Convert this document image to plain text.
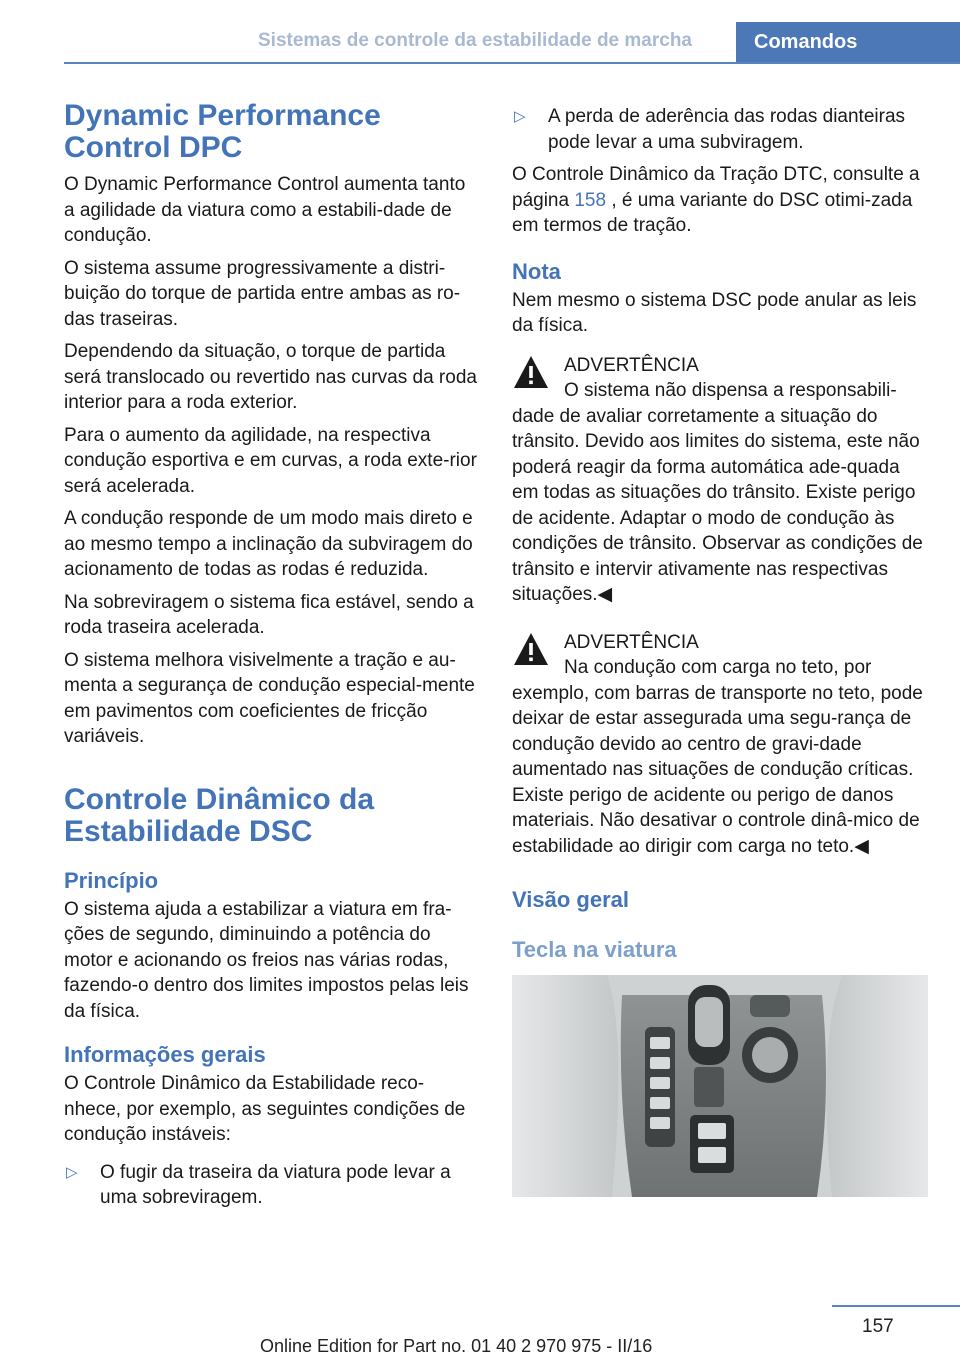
Sistemas de controle da estabilidade de marcha	Comandos
Dynamic Performance Control DPC

O Dynamic Performance Control aumenta tanto a agilidade da viatura como a estabili‐dade de condução.

O sistema assume progressivamente a distri‐buição do torque de partida entre ambas as ro‐das traseiras.

Dependendo da situação, o torque de partida será translocado ou revertido nas curvas da roda interior para a roda exterior.

Para o aumento da agilidade, na respectiva condução esportiva e em curvas, a roda exte‐rior será acelerada.

A condução responde de um modo mais direto e ao mesmo tempo a inclinação da subviragem do acionamento de todas as rodas é reduzida.

Na sobreviragem o sistema fica estável, sendo a roda traseira acelerada.

O sistema melhora visivelmente a tração e au‐menta a segurança de condução especial‐mente em pavimentos com coeficientes de fricção variáveis.

Controle Dinâmico da Estabilidade DSC
Princípio

O sistema ajuda a estabilizar a viatura em fra‐ções de segundo, diminuindo a potência do motor e acionando os freios nas várias rodas, fazendo-o dentro dos limites impostos pelas leis da física.

Informações gerais

O Controle Dinâmico da Estabilidade reco‐nhece, por exemplo, as seguintes condições de condução instáveis:

▷ O fugir da traseira da viatura pode levar a uma sobreviragem.
▷ A perda de aderência das rodas dianteiras pode levar a uma subviragem.

O Controle Dinâmico da Tração DTC, consulte a página 158 , é uma variante do DSC otimi‐zada em termos de tração.

Nota

Nem mesmo o sistema DSC pode anular as leis da física.

ADVERTÊNCIA
O sistema não dispensa a responsabili‐
dade de avaliar corretamente a situação do trânsito. Devido aos limites do sistema, este não poderá reagir da forma automática ade‐quada em todas as situações do trânsito. Existe perigo de acidente. Adaptar o modo de condução às condições de trânsito. Observar as condições de trânsito e intervir ativamente nas respectivas situações.◀
ADVERTÊNCIA
Na condução com carga no teto, por
exemplo, com barras de transporte no teto, pode deixar de estar assegurada uma segu‐rança de condução devido ao centro de gravi‐dade aumentado nas situações de condução críticas. Existe perigo de acidente ou perigo de danos materiais. Não desativar o controle dinâ‐mico de estabilidade ao dirigir com carga no teto.◀
Visão geral
Tecla na viatura
157
Online Edition for Part no. 01 40 2 970 975 - II/16
